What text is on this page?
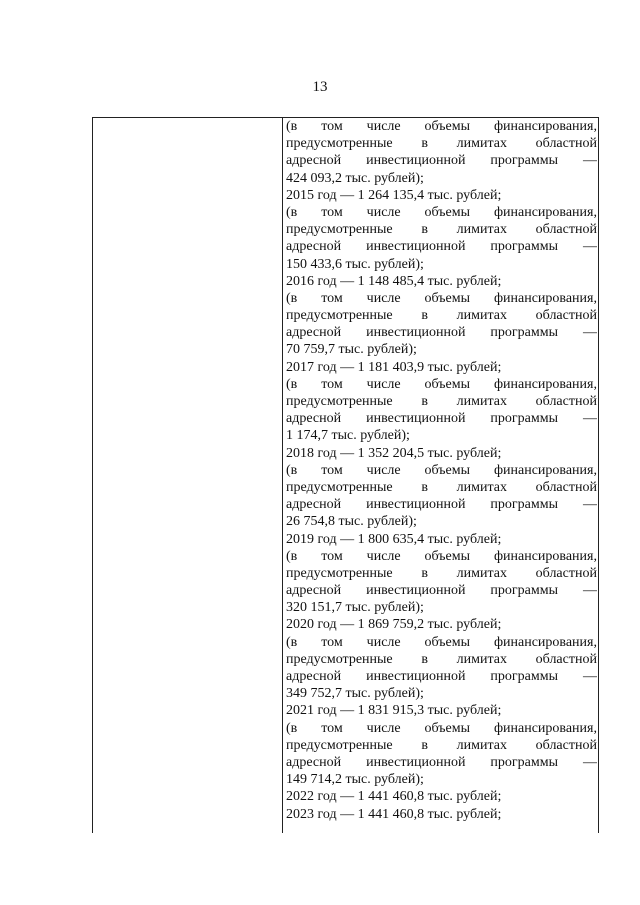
13
(в том числе объемы финансирования,
предусмотренные в лимитах областной
адресной инвестиционной программы —
424 093,2 тыс. рублей);
2015 год — 1 264 135,4 тыс. рублей;
(в том числе объемы финансирования,
предусмотренные в лимитах областной
адресной инвестиционной программы —
150 433,6 тыс. рублей);
2016 год — 1 148 485,4 тыс. рублей;
(в том числе объемы финансирования,
предусмотренные в лимитах областной
адресной инвестиционной программы —
70 759,7 тыс. рублей);
2017 год — 1 181 403,9 тыс. рублей;
(в том числе объемы финансирования,
предусмотренные в лимитах областной
адресной инвестиционной программы —
1 174,7 тыс. рублей);
2018 год — 1 352 204,5 тыс. рублей;
(в том числе объемы финансирования,
предусмотренные в лимитах областной
адресной инвестиционной программы —
26 754,8 тыс. рублей);
2019 год — 1 800 635,4 тыс. рублей;
(в том числе объемы финансирования,
предусмотренные в лимитах областной
адресной инвестиционной программы —
320 151,7 тыс. рублей);
2020 год — 1 869 759,2 тыс. рублей;
(в том числе объемы финансирования,
предусмотренные в лимитах областной
адресной инвестиционной программы —
349 752,7 тыс. рублей);
2021 год — 1 831 915,3 тыс. рублей;
(в том числе объемы финансирования,
предусмотренные в лимитах областной
адресной инвестиционной программы —
149 714,2 тыс. рублей);
2022 год — 1 441 460,8 тыс. рублей;
2023 год — 1 441 460,8 тыс. рублей;
